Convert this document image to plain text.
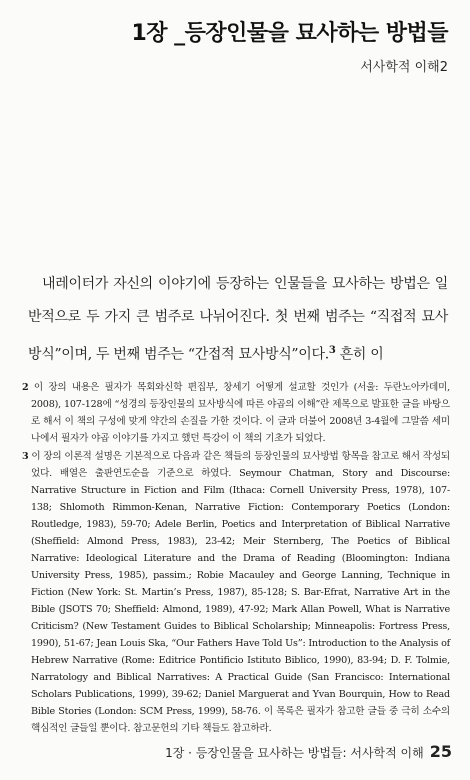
1장 _등장인물을 묘사하는 방법들
서사학적 이해2
내레이터가 자신의 이야기에 등장하는 인물들을 묘사하는 방법은 일반적으로 두 가지 큰 범주로 나뉘어진다. 첫 번째 범주는 “직접적 묘사방식”이며, 두 번째 범주는 “간접적 묘사방식”이다.$^3$ 흔히 이
2 이 장의 내용은 필자가 목회와신학 편집부, 창세기 어떻게 설교할 것인가 (서울: 두란노아카데미, 2008), 107-128에 “성경의 등장인물의 묘사방식에 따른 야곱의 이해”란 제목으로 발표한 글을 바탕으로 해서 이 책의 구성에 맞게 약간의 손질을 가한 것이다. 이 글과 더불어 2008년 3-4월에 그말씀 세미나에서 필자가 야곱 이야기를 가지고 했던 특강이 이 책의 기초가 되었다.
3 이 장의 이론적 설명은 기본적으로 다음과 같은 책들의 등장인물의 묘사방법 항목을 참고로 해서 작성되었다. 배열은 출판연도순을 기준으로 하였다. Seymour Chatman, Story and Discourse: Narrative Structure in Fiction and Film (Ithaca: Cornell University Press, 1978), 107-138; Shlomoth Rimmon-Kenan, Narrative Fiction: Contemporary Poetics (London: Routledge, 1983), 59-70; Adele Berlin, Poetics and Interpretation of Biblical Narrative (Sheffield: Almond Press, 1983), 23-42; Meir Sternberg, The Poetics of Biblical Narrative: Ideological Literature and the Drama of Reading (Bloomington: Indiana University Press, 1985), passim.; Robie Macauley and George Lanning, Technique in Fiction (New York: St. Martin’s Press, 1987), 85-128; S. Bar-Efrat, Narrative Art in the Bible (JSOTS 70; Sheffield: Almond, 1989), 47-92; Mark Allan Powell, What is Narrative Criticism? (New Testament Guides to Biblical Scholarship; Minneapolis: Fortress Press, 1990), 51-67; Jean Louis Ska, “Our Fathers Have Told Us”: Introduction to the Analysis of Hebrew Narrative (Rome: Editrice Pontificio Istituto Biblico, 1990), 83-94; D. F. Tolmie, Narratology and Biblical Narratives: A Practical Guide (San Francisco: International Scholars Publications, 1999), 39-62; Daniel Marguerat and Yvan Bourquin, How to Read Bible Stories (London: SCM Press, 1999), 58-76. 이 목록은 필자가 참고한 글들 중 극히 소수의 핵심적인 글들일 뿐이다. 참고문헌의 기타 책들도 참고하라.
1장 · 등장인물을 묘사하는 방법들: 서사학적 이해 25
